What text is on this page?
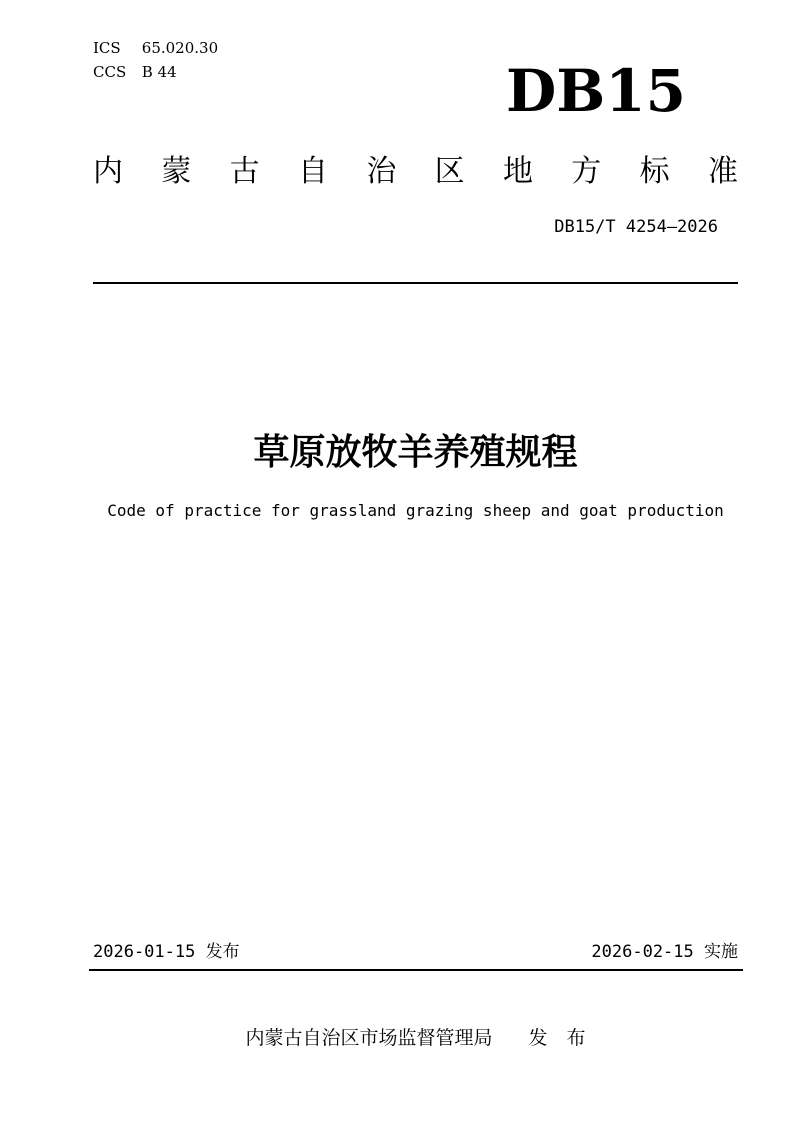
ICS 65.020.30
CCS B 44	DB15
内 蒙 古 自 治 区 地 方 标 准
DB15/T 4254—2026
草原放牧羊养殖规程
Code of practice for grassland grazing sheep and goat production
2026-01-15 发布	2026-02-15 实施
内蒙古自治区市场监督管理局 发　布
